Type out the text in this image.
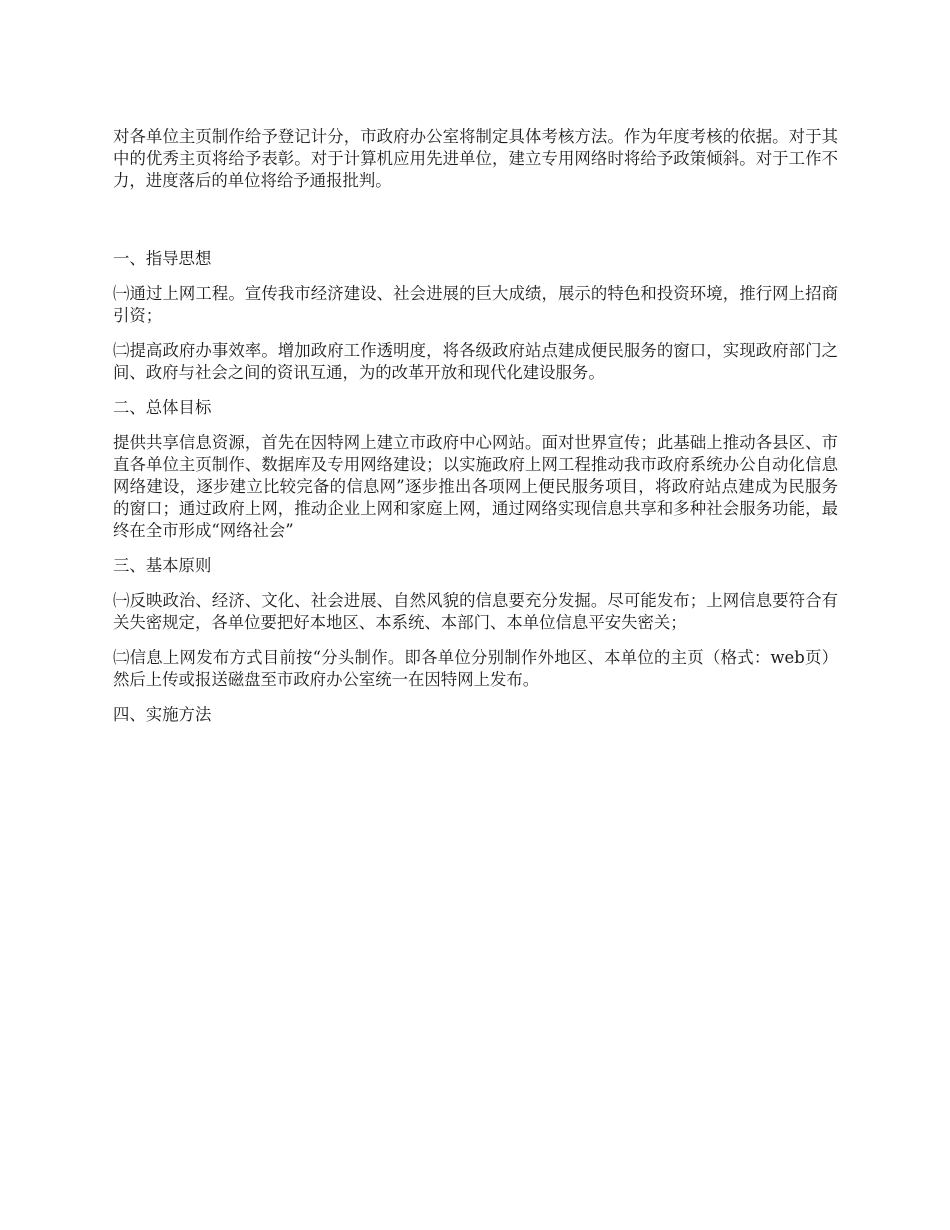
对各单位主页制作给予登记计分，市政府办公室将制定具体考核方法。作为年度考核的依据。对于其中的优秀主页将给予表彰。对于计算机应用先进单位，建立专用网络时将给予政策倾斜。对于工作不力，进度落后的单位将给予通报批判。

一、指导思想

㈠通过上网工程。宣传我市经济建设、社会进展的巨大成绩，展示的特色和投资环境，推行网上招商引资；

㈡提高政府办事效率。增加政府工作透明度，将各级政府站点建成便民服务的窗口，实现政府部门之间、政府与社会之间的资讯互通，为的改革开放和现代化建设服务。

二、总体目标

提供共享信息资源，首先在因特网上建立市政府中心网站。面对世界宣传；此基础上推动各县区、市直各单位主页制作、数据库及专用网络建设；以实施政府上网工程推动我市政府系统办公自动化信息网络建设，逐步建立比较完备的信息网”逐步推出各项网上便民服务项目，将政府站点建成为民服务的窗口；通过政府上网，推动企业上网和家庭上网，通过网络实现信息共享和多种社会服务功能，最终在全市形成“网络社会”

三、基本原则

㈠反映政治、经济、文化、社会进展、自然风貌的信息要充分发掘。尽可能发布；上网信息要符合有关失密规定，各单位要把好本地区、本系统、本部门、本单位信息平安失密关；

㈡信息上网发布方式目前按“分头制作。即各单位分别制作外地区、本单位的主页（格式：web页）然后上传或报送磁盘至市政府办公室统一在因特网上发布。

四、实施方法
